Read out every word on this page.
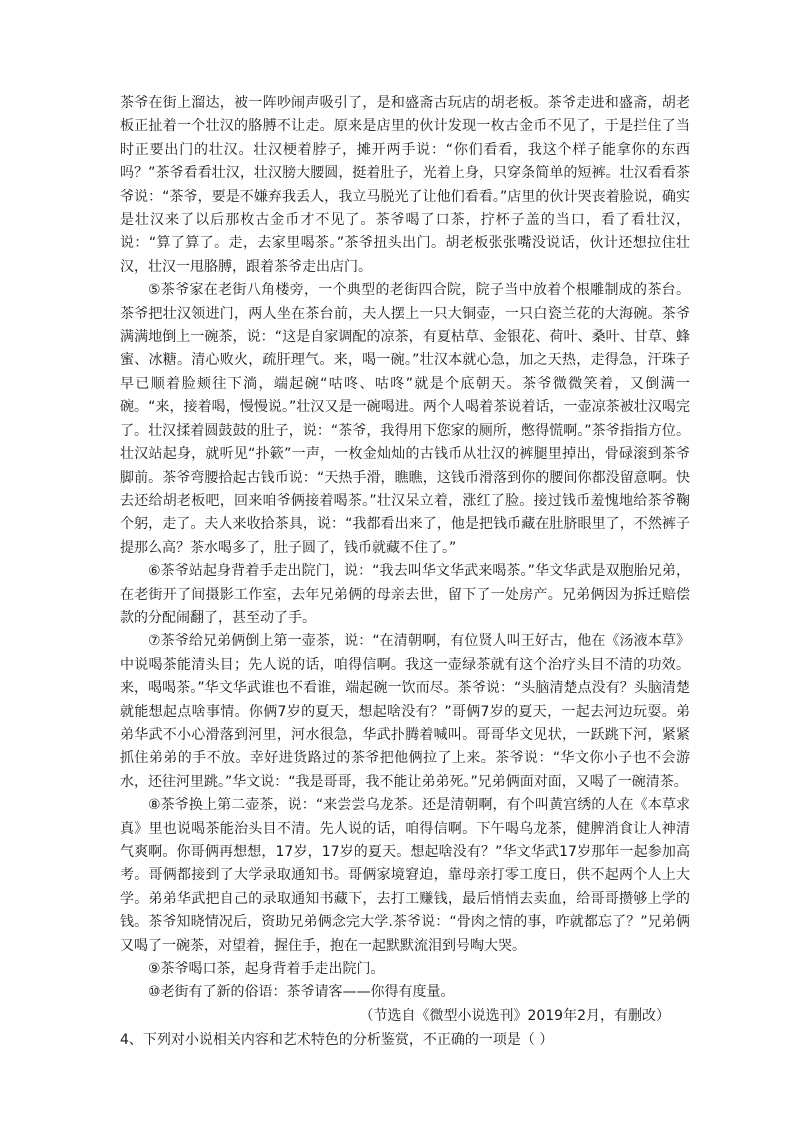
茶爷在街上溜达，被一阵吵闹声吸引了，是和盛斋古玩店的胡老板。茶爷走进和盛斋，胡老板正扯着一个壮汉的胳膊不让走。原来是店里的伙计发现一枚古金币不见了，于是拦住了当时正要出门的壮汉。壮汉梗着脖子，摊开两手说：“你们看看，我这个样子能拿你的东西吗？”茶爷看看壮汉，壮汉膀大腰圆，挺着肚子，光着上身，只穿条简单的短裤。壮汉看看茶爷说：“茶爷，要是不嫌弃我丢人，我立马脱光了让他们看看。”店里的伙计哭丧着脸说，确实是壮汉来了以后那枚古金币才不见了。茶爷喝了口茶，拧杯子盖的当口，看了看壮汉，说：“算了算了。走，去家里喝茶。”茶爷扭头出门。胡老板张张嘴没说话，伙计还想拉住壮汉，壮汉一甩胳膊，跟着茶爷走出店门。

⑤茶爷家在老街八角楼旁，一个典型的老街四合院，院子当中放着个根雕制成的茶台。茶爷把壮汉领进门，两人坐在茶台前，夫人摆上一只大铜壶，一只白瓷兰花的大海碗。茶爷满满地倒上一碗茶，说：“这是自家调配的凉茶，有夏枯草、金银花、荷叶、桑叶、甘草、蜂蜜、冰糖。清心败火，疏肝理气。来，喝一碗。”壮汉本就心急，加之天热，走得急，汗珠子早已顺着脸颊往下淌，端起碗“咕咚、咕咚”就是个底朝天。茶爷微微笑着，又倒满一碗。“来，接着喝，慢慢说。”壮汉又是一碗喝进。两个人喝着茶说着话，一壶凉茶被壮汉喝完了。壮汉揉着圆鼓鼓的肚子，说：“茶爷，我得用下您家的厕所，憋得慌啊。”茶爷指指方位。壮汉站起身，就听见“扑簌”一声，一枚金灿灿的古钱币从壮汉的裤腿里掉出，骨碌滚到茶爷脚前。茶爷弯腰拾起古钱币说：“天热手滑，瞧瞧，这钱币滑落到你的腰间你都没留意啊。快去还给胡老板吧，回来咱爷俩接着喝茶。”壮汉呆立着，涨红了脸。接过钱币羞愧地给茶爷鞠个躬，走了。夫人来收拾茶具，说：“我都看出来了，他是把钱币藏在肚脐眼里了，不然裤子提那么高？茶水喝多了，肚子圆了，钱币就藏不住了。”

⑥茶爷站起身背着手走出院门，说：“我去叫华文华武来喝茶。”华文华武是双胞胎兄弟，在老街开了间摄影工作室，去年兄弟俩的母亲去世，留下了一处房产。兄弟俩因为拆迁赔偿款的分配闹翻了，甚至动了手。

⑦茶爷给兄弟俩倒上第一壶茶，说：“在清朝啊，有位贤人叫王好古，他在《汤液本草》中说喝茶能清头目；先人说的话，咱得信啊。我这一壶绿茶就有这个治疗头目不清的功效。来，喝喝茶。”华文华武谁也不看谁，端起碗一饮而尽。茶爷说：“头脑清楚点没有？头脑清楚就能想起点啥事情。你俩7岁的夏天，想起啥没有？”哥俩7岁的夏天，一起去河边玩耍。弟弟华武不小心滑落到河里，河水很急，华武扑腾着喊叫。哥哥华文见状，一跃跳下河，紧紧抓住弟弟的手不放。幸好进货路过的茶爷把他俩拉了上来。茶爷说：“华文你小子也不会游水，还往河里跳。”华文说：“我是哥哥，我不能让弟弟死。”兄弟俩面对面，又喝了一碗清茶。

⑧茶爷换上第二壶茶，说：“来尝尝乌龙茶。还是清朝啊，有个叫黄宫绣的人在《本草求真》里也说喝茶能治头目不清。先人说的话，咱得信啊。下午喝乌龙茶，健脾消食让人神清气爽啊。你哥俩再想想，17岁，17岁的夏天。想起啥没有？”华文华武17岁那年一起参加高考。哥俩都接到了大学录取通知书。哥俩家境窘迫，靠母亲打零工度日，供不起两个人上大学。弟弟华武把自己的录取通知书藏下，去打工赚钱，最后悄悄去卖血，给哥哥攒够上学的钱。茶爷知晓情况后，资助兄弟俩念完大学.茶爷说：“骨肉之情的事，咋就都忘了？”兄弟俩又喝了一碗茶，对望着，握住手，抱在一起默默流泪到号啕大哭。

⑨茶爷喝口茶，起身背着手走出院门。

⑩老街有了新的俗语：茶爷请客——你得有度量。

（节选自《微型小说选刊》2019年2月，有删改）

4、下列对小说相关内容和艺术特色的分析鉴赏，不正确的一项是（ ）
